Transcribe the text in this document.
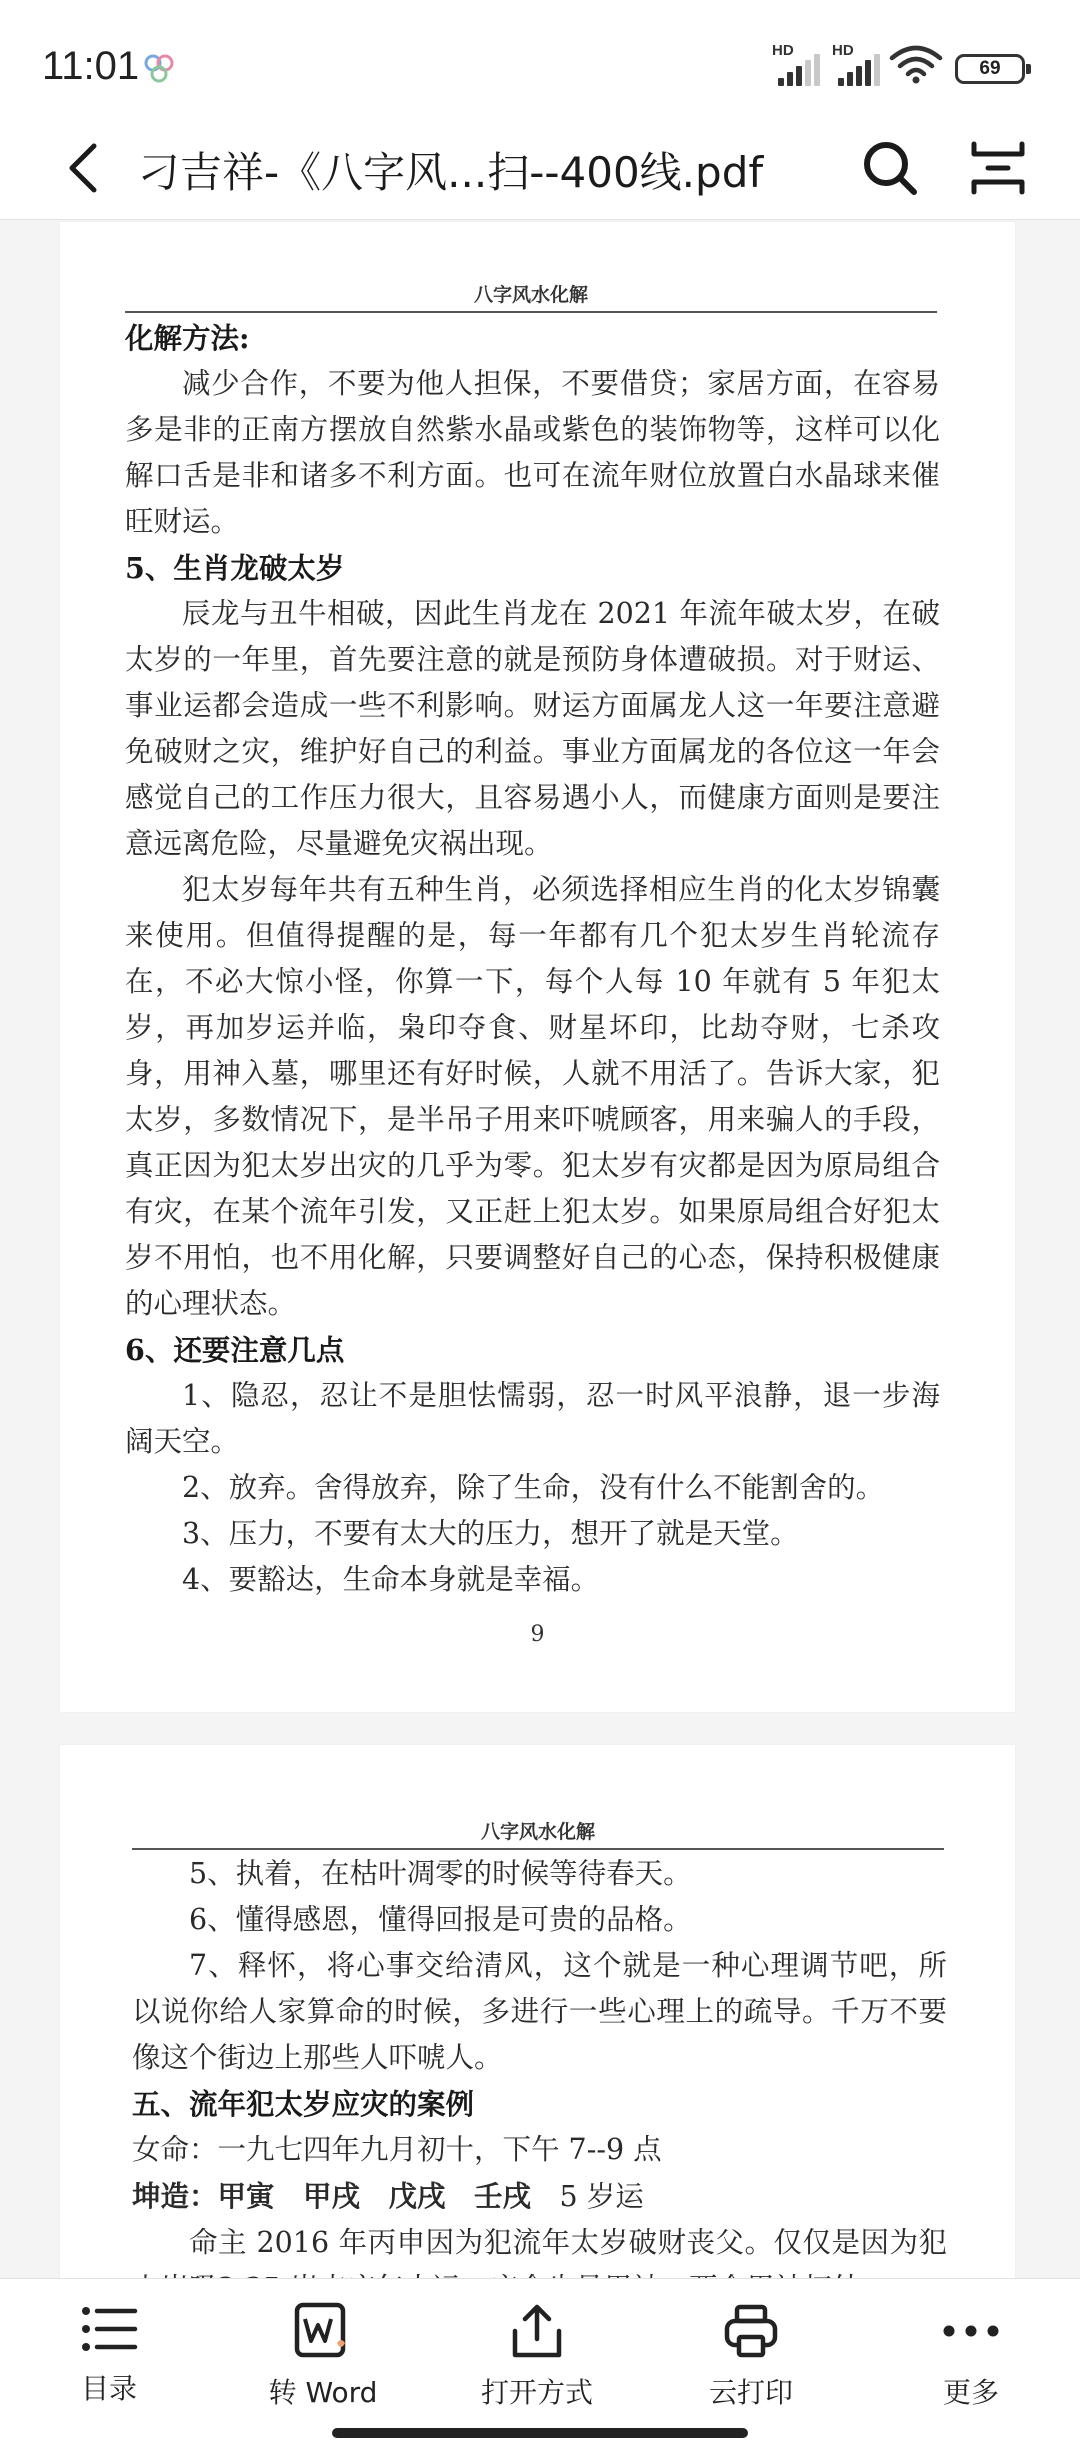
11:01	HD	HD
69
刁吉祥-《八字风...扫--400线.pdf
八字风水化解
化解方法:

减少合作，不要为他人担保，不要借贷；家居方面，在容易多是非的正南方摆放自然紫水晶或紫色的装饰物等，这样可以化解口舌是非和诸多不利方面。也可在流年财位放置白水晶球来催旺财运。

5、生肖龙破太岁

辰龙与丑牛相破，因此生肖龙在 2021 年流年破太岁，在破太岁的一年里，首先要注意的就是预防身体遭破损。对于财运、事业运都会造成一些不利影响。财运方面属龙人这一年要注意避免破财之灾，维护好自己的利益。事业方面属龙的各位这一年会感觉自己的工作压力很大，且容易遇小人，而健康方面则是要注意远离危险，尽量避免灾祸出现。

犯太岁每年共有五种生肖，必须选择相应生肖的化太岁锦囊来使用。但值得提醒的是，每一年都有几个犯太岁生肖轮流存在，不必大惊小怪，你算一下，每个人每 10 年就有 5 年犯太岁，再加岁运并临，枭印夺食、财星坏印，比劫夺财，七杀攻身，用神入墓，哪里还有好时候，人就不用活了。告诉大家，犯太岁，多数情况下，是半吊子用来吓唬顾客，用来骗人的手段，真正因为犯太岁出灾的几乎为零。犯太岁有灾都是因为原局组合有灾，在某个流年引发，又正赶上犯太岁。如果原局组合好犯太岁不用怕，也不用化解，只要调整好自己的心态，保持积极健康的心理状态。

6、还要注意几点

1、隐忍，忍让不是胆怯懦弱，忍一时风平浪静，退一步海阔天空。

2、放弃。舍得放弃，除了生命，没有什么不能割舍的。

3、压力，不要有太大的压力，想开了就是天堂。

4、要豁达，生命本身就是幸福。

9
八字风水化解

5、执着，在枯叶凋零的时候等待春天。

6、懂得感恩，懂得回报是可贵的品格。

7、释怀，将心事交给清风，这个就是一种心理调节吧，所以说你给人家算命的时候，多进行一些心理上的疏导。千万不要像这个街边上那些人吓唬人。

五、流年犯太岁应灾的案例

女命：一九七四年九月初十，下午 7--9 点

坤造：甲寅　甲戌　戊戌　壬戌　 5 岁运

命主 2016 年丙申因为犯流年太岁破财丧父。仅仅是因为犯

目录	转 Word	打开方式	云打印	更多
